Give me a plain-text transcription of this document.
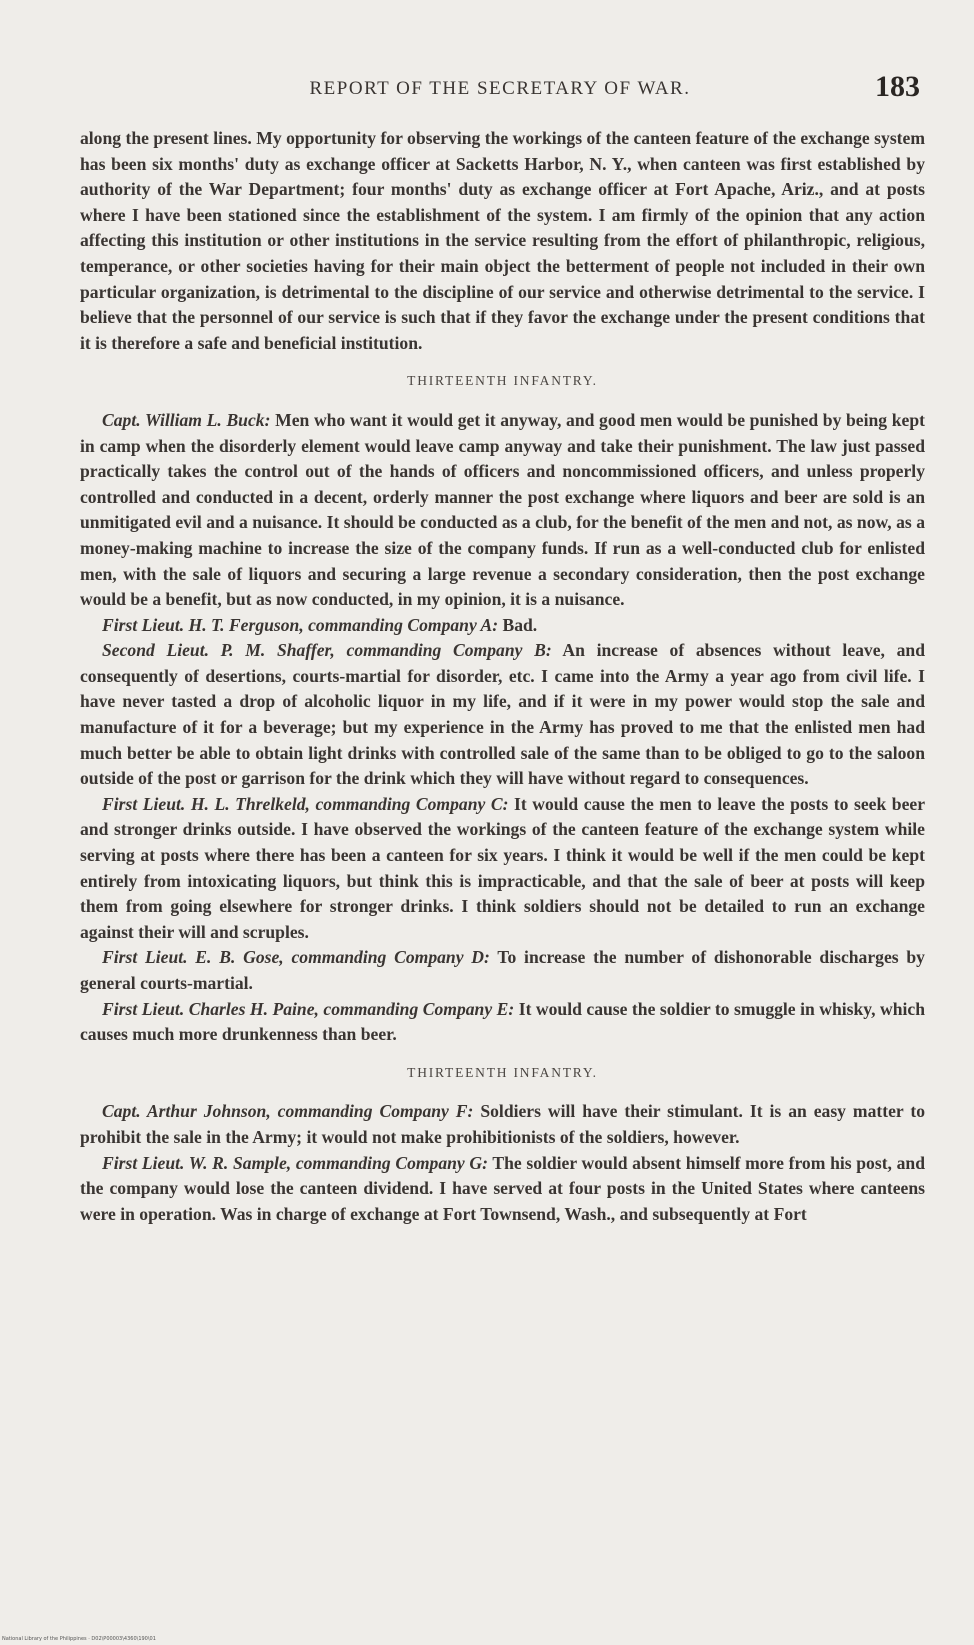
REPORT OF THE SECRETARY OF WAR.	183

along the present lines. My opportunity for observing the workings of the canteen feature of the exchange system has been six months' duty as exchange officer at Sacketts Harbor, N. Y., when canteen was first established by authority of the War Department; four months' duty as exchange officer at Fort Apache, Ariz., and at posts where I have been stationed since the establishment of the system. I am firmly of the opinion that any action affecting this institution or other institutions in the service resulting from the effort of philanthropic, religious, temperance, or other societies having for their main object the betterment of people not included in their own particular organization, is detrimental to the discipline of our service and otherwise detrimental to the service. I believe that the personnel of our service is such that if they favor the exchange under the present conditions that it is therefore a safe and beneficial institution.

THIRTEENTH INFANTRY.

Capt. William L. Buck: Men who want it would get it anyway, and good men would be punished by being kept in camp when the disorderly element would leave camp anyway and take their punishment. The law just passed practically takes the control out of the hands of officers and noncommissioned officers, and unless properly controlled and conducted in a decent, orderly manner the post exchange where liquors and beer are sold is an unmitigated evil and a nuisance. It should be conducted as a club, for the benefit of the men and not, as now, as a money-making machine to increase the size of the company funds. If run as a well-conducted club for enlisted men, with the sale of liquors and securing a large revenue a secondary consideration, then the post exchange would be a benefit, but as now conducted, in my opinion, it is a nuisance.

First Lieut. H. T. Ferguson, commanding Company A: Bad.

Second Lieut. P. M. Shaffer, commanding Company B: An increase of absences without leave, and consequently of desertions, courts-martial for disorder, etc. I came into the Army a year ago from civil life. I have never tasted a drop of alcoholic liquor in my life, and if it were in my power would stop the sale and manufacture of it for a beverage; but my experience in the Army has proved to me that the enlisted men had much better be able to obtain light drinks with controlled sale of the same than to be obliged to go to the saloon outside of the post or garrison for the drink which they will have without regard to consequences.

First Lieut. H. L. Threlkeld, commanding Company C: It would cause the men to leave the posts to seek beer and stronger drinks outside. I have observed the workings of the canteen feature of the exchange system while serving at posts where there has been a canteen for six years. I think it would be well if the men could be kept entirely from intoxicating liquors, but think this is impracticable, and that the sale of beer at posts will keep them from going elsewhere for stronger drinks. I think soldiers should not be detailed to run an exchange against their will and scruples.

First Lieut. E. B. Gose, commanding Company D: To increase the number of dishonorable discharges by general courts-martial.

First Lieut. Charles H. Paine, commanding Company E: It would cause the soldier to smuggle in whisky, which causes much more drunkenness than beer.

THIRTEENTH INFANTRY.

Capt. Arthur Johnson, commanding Company F: Soldiers will have their stimulant. It is an easy matter to prohibit the sale in the Army; it would not make prohibitionists of the soldiers, however.

First Lieut. W. R. Sample, commanding Company G: The soldier would absent himself more from his post, and the company would lose the canteen dividend. I have served at four posts in the United States where canteens were in operation. Was in charge of exchange at Fort Townsend, Wash., and subsequently at Fort

National Library of the Philippines · D02\P00003\4360\190\01
